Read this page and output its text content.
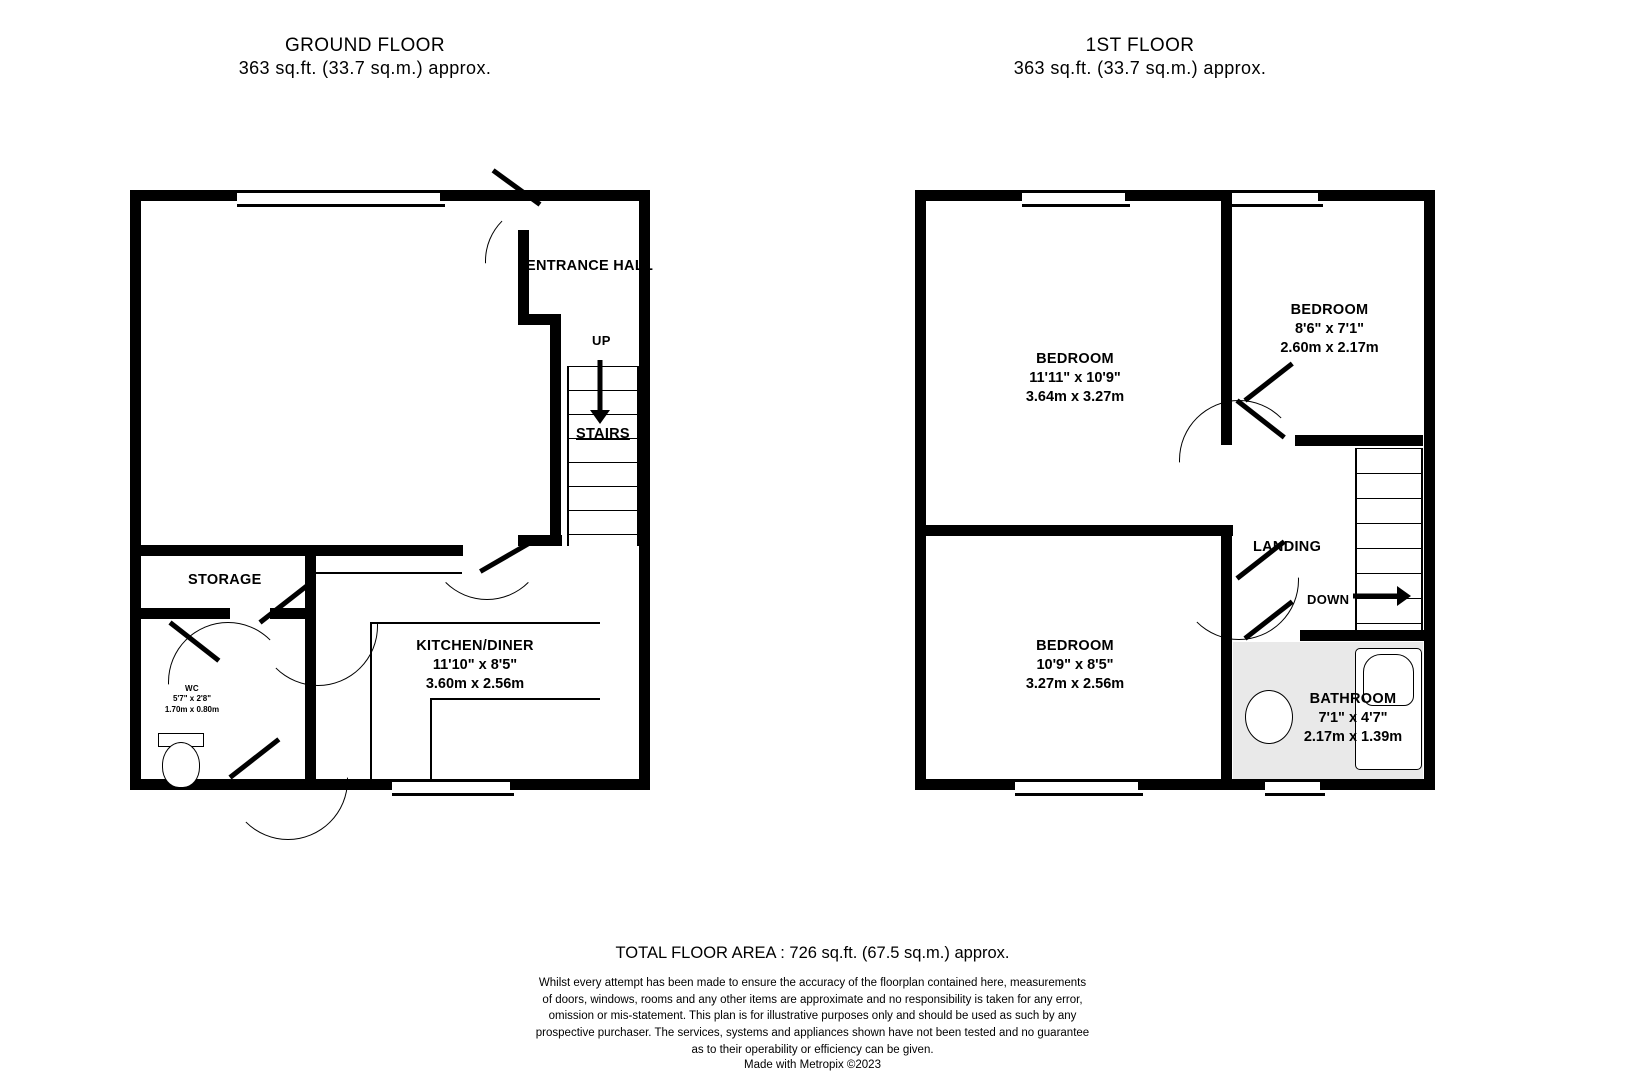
GROUND FLOOR
363 sq.ft. (33.7 sq.m.) approx.
ENTRANCE HALL
UP
STAIRS
STORAGE
KITCHEN/DINER
11'10" x 8'5"
3.60m x 2.56m
WC
5'7" x 2'8"
1.70m x 0.80m
1ST FLOOR
363 sq.ft. (33.7 sq.m.) approx.
BEDROOM
11'11" x 10'9"
3.64m x 3.27m
BEDROOM
8'6" x 7'1"
2.60m x 2.17m
BEDROOM
10'9" x 8'5"
3.27m x 2.56m
BATHROOM
7'1" x 4'7"
2.17m x 1.39m
LANDING
DOWN
TOTAL FLOOR AREA : 726 sq.ft. (67.5 sq.m.) approx.
Whilst every attempt has been made to ensure the accuracy of the floorplan contained here, measurements
of doors, windows, rooms and any other items are approximate and no responsibility is taken for any error,
omission or mis-statement. This plan is for illustrative purposes only and should be used as such by any
prospective purchaser. The services, systems and appliances shown have not been tested and no guarantee
as to their operability or efficiency can be given.
Made with Metropix ©2023
